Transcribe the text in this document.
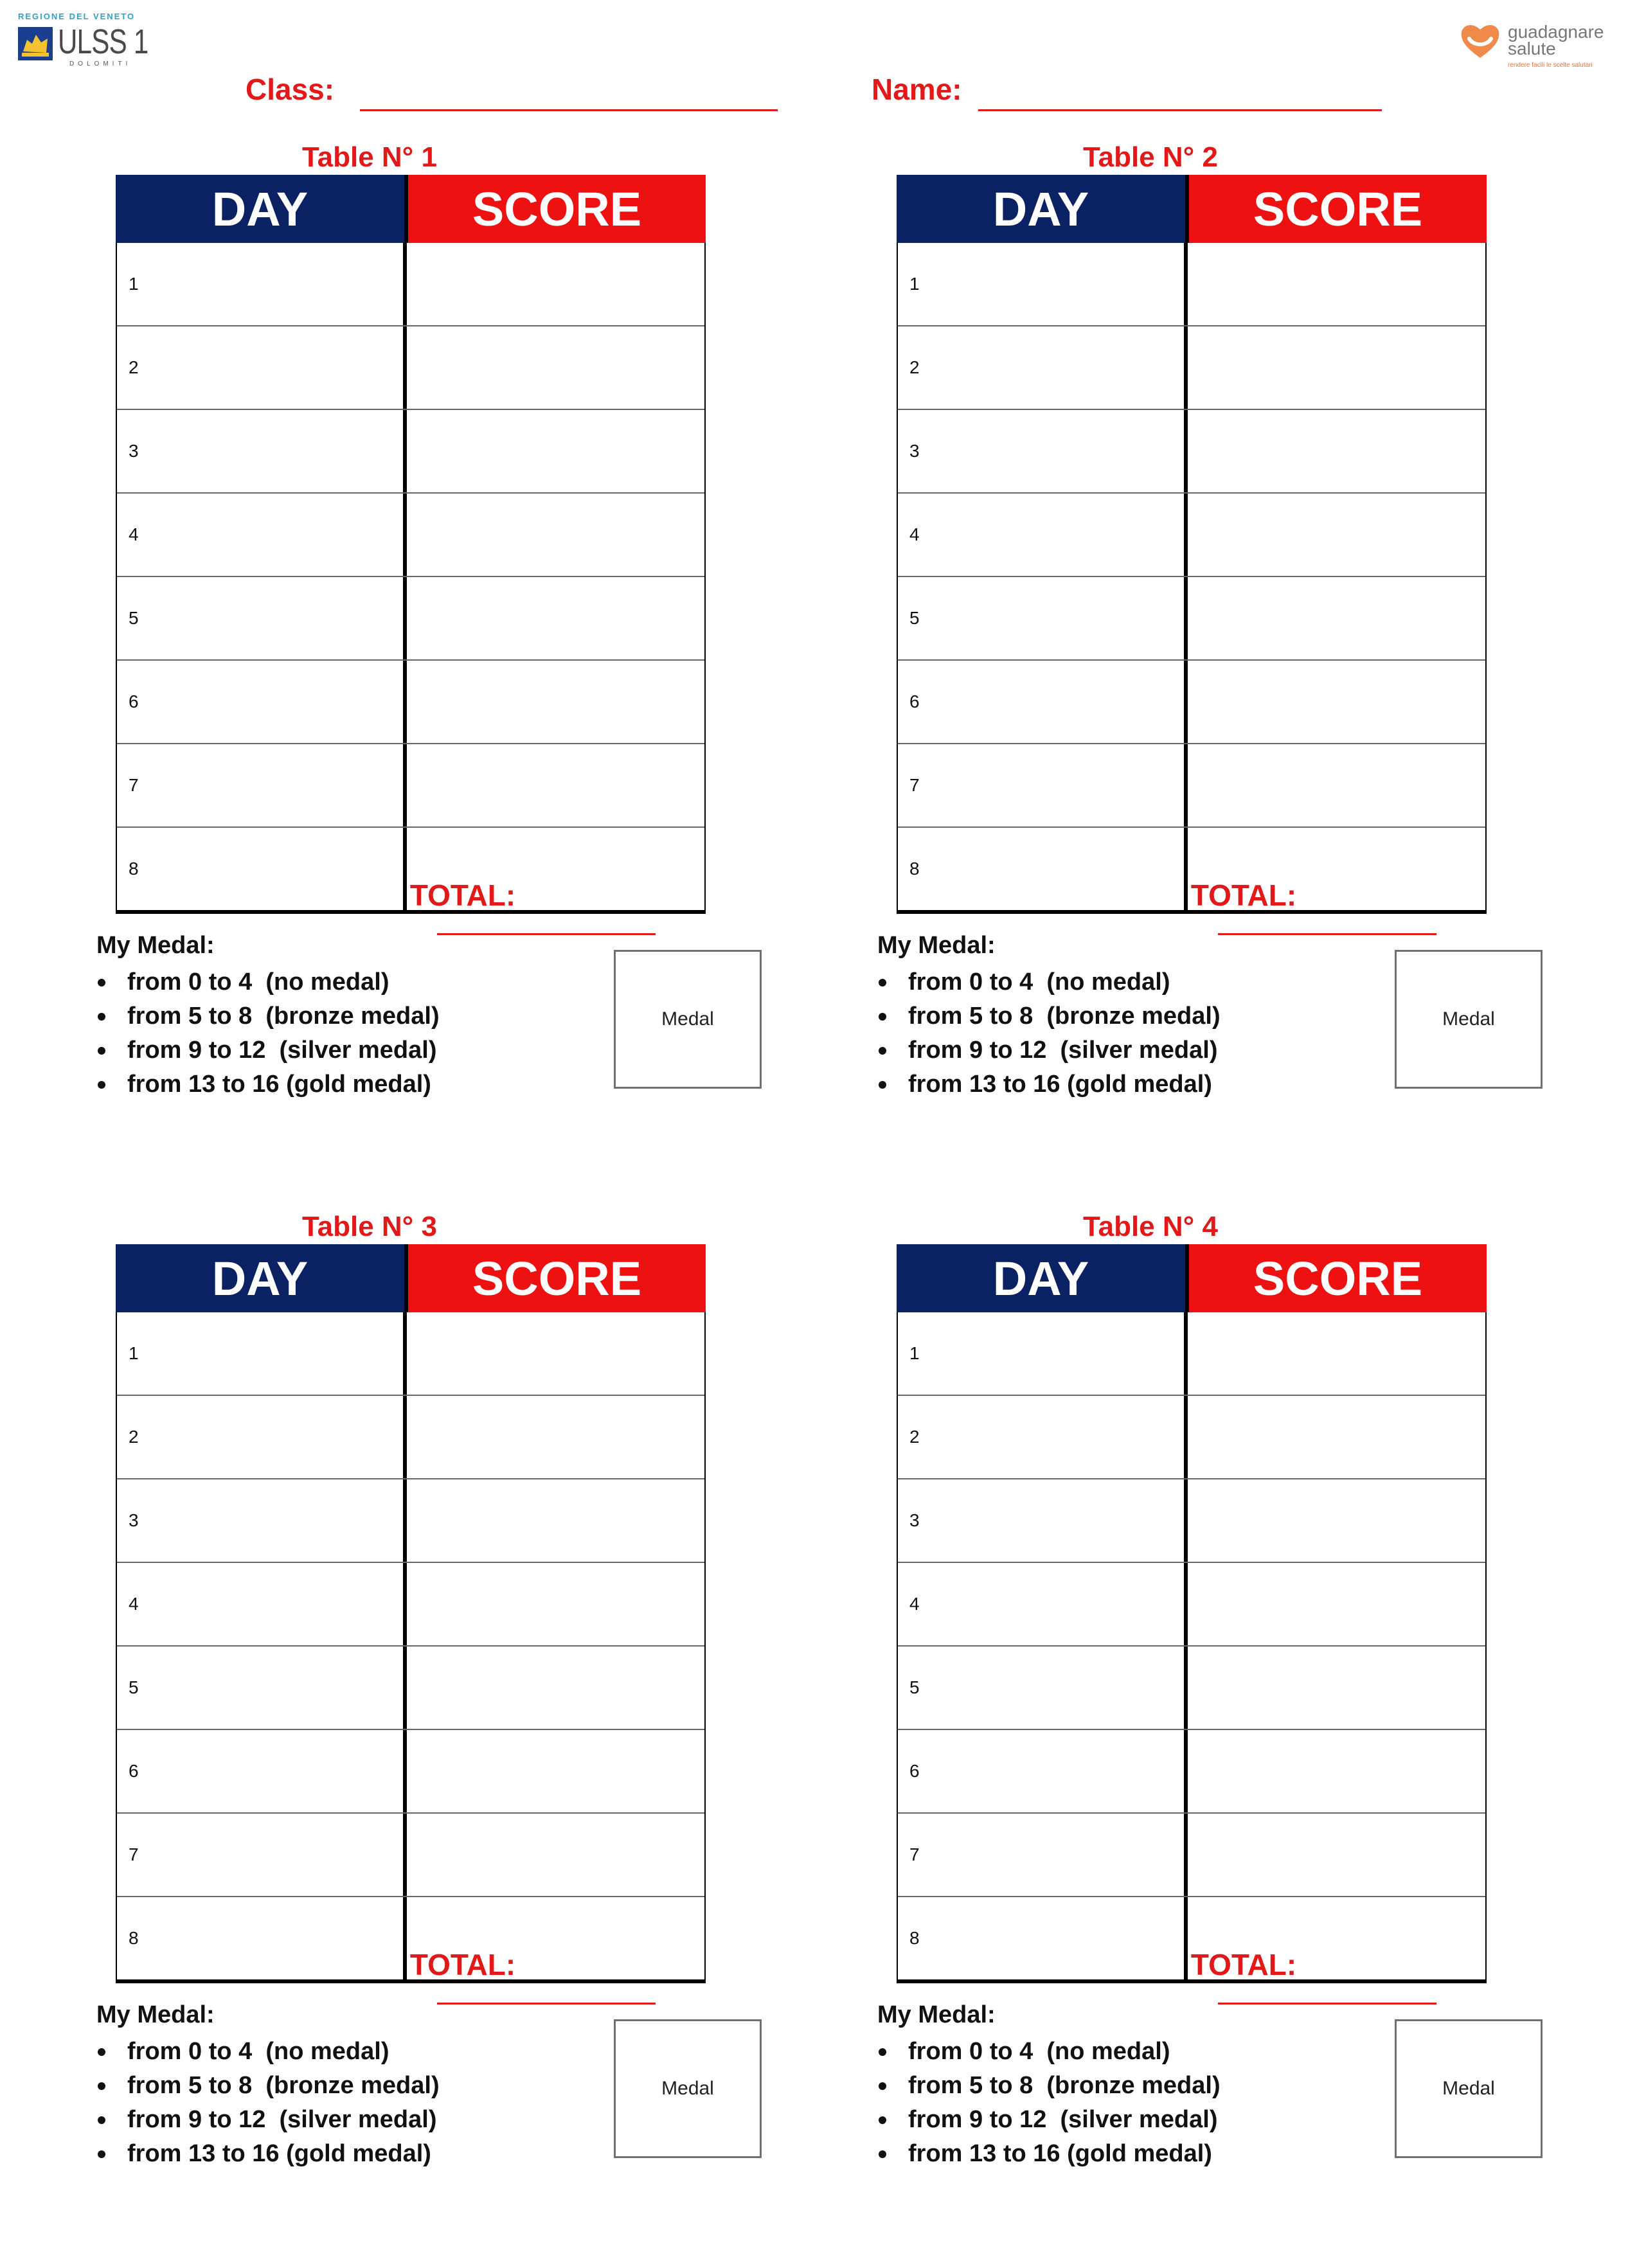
REGIONE DEL VENETO
ULSS 1
DOLOMITI
guadagnare
salute
rendere facili le scelte salutari
Class:	Name:
Table N° 1
DAY	SCORE
1
2
3
4
5
6
7
8
TOTAL:
My Medal:
from 0 to 4  (no medal)
from 5 to 8  (bronze medal)
from 9 to 12  (silver medal)
from 13 to 16 (gold medal)
Medal
Table N° 2
DAY	SCORE
1
2
3
4
5
6
7
8
TOTAL:
My Medal:
from 0 to 4  (no medal)
from 5 to 8  (bronze medal)
from 9 to 12  (silver medal)
from 13 to 16 (gold medal)
Medal
Table N° 3
DAY	SCORE
1
2
3
4
5
6
7
8
TOTAL:
My Medal:
from 0 to 4  (no medal)
from 5 to 8  (bronze medal)
from 9 to 12  (silver medal)
from 13 to 16 (gold medal)
Medal
Table N° 4
DAY	SCORE
1
2
3
4
5
6
7
8
TOTAL:
My Medal:
from 0 to 4  (no medal)
from 5 to 8  (bronze medal)
from 9 to 12  (silver medal)
from 13 to 16 (gold medal)
Medal
